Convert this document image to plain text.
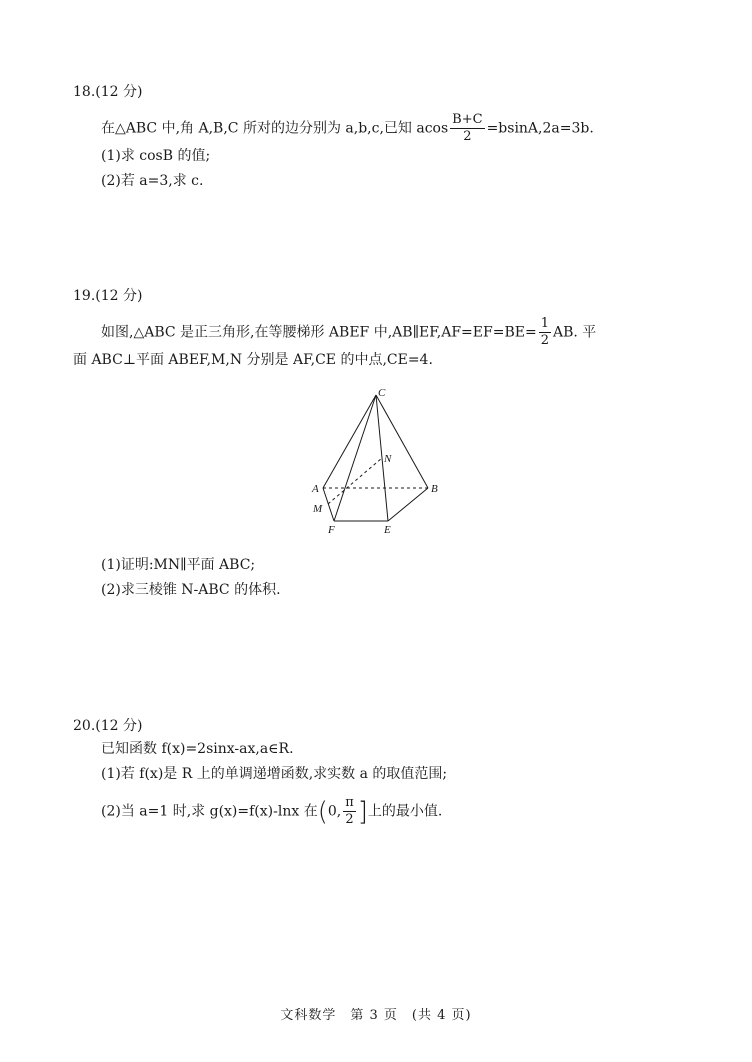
18.(12 分)
在△ABC 中,角 A,B,C 所对的边分别为 a,b,c,已知 acos $\frac{B+C}{2} =bsinA,2a=3b$.
(1)求 cosB 的值;
(2)若 a=3,求 c.
19.(12 分)
如图,△ABC 是正三角形,在等腰梯形 ABEF 中,AB∥EF,AF=EF=BE= $\frac{1}{2}$ AB. 平
面 ABC⊥平面 ABEF,M,N 分别是 AF,CE 的中点,CE=4.
C
N
A	B
M
F	E
(1)证明:MN∥平面 ABC;
(2)求三棱锥 N-ABC 的体积.
20.(12 分)
已知函数 f(x)=2sinx-ax,a∈R.
(1)若 f(x)是 R 上的单调递增函数,求实数 a 的取值范围;
(2)当 a=1 时,求 g(x)=f(x)-lnx 在(0, $\frac{\pi}{2}$ ]上的最小值.
文科数学　第 3 页　(共 4 页)
